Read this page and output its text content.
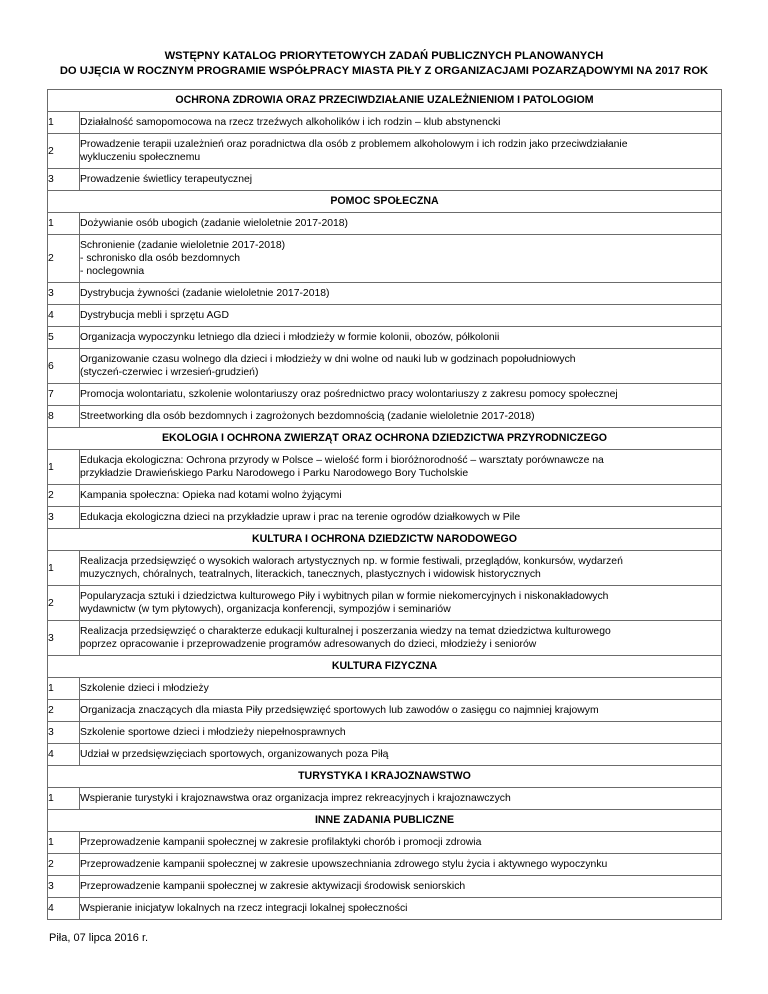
WSTĘPNY KATALOG PRIORYTETOWYCH ZADAŃ PUBLICZNYCH PLANOWANYCH
DO UJĘCIA W ROCZNYM PROGRAMIE WSPÓŁPRACY MIASTA PIŁY Z ORGANIZACJAMI POZARZĄDOWYMI NA 2017 ROK
OCHRONA ZDROWIA ORAZ PRZECIWDZIAŁANIE UZALEŻNIENIOM I PATOLOGIOM	
1	Działalność samopomocowa na rzecz trzeźwych alkoholików i ich rodzin – klub abstynencki

2	Prowadzenie terapii uzależnień oraz poradnictwa dla osób z problemem alkoholowym i ich rodzin jako przeciwdziałanie
wykluczeniu społecznemu

3	Prowadzenie świetlicy terapeutycznej

POMOC SPOŁECZNA	
1	Dożywianie osób ubogich (zadanie wieloletnie 2017-2018)

2	Schronienie (zadanie wieloletnie 2017-2018)
- schronisko dla osób bezdomnych
- noclegownia

3	Dystrybucja żywności (zadanie wieloletnie 2017-2018)

4	Dystrybucja mebli i sprzętu AGD

5	Organizacja wypoczynku letniego dla dzieci i młodzieży w formie kolonii, obozów, półkolonii

6	Organizowanie czasu wolnego dla dzieci i młodzieży w dni wolne od nauki lub w godzinach popołudniowych
(styczeń-czerwiec i wrzesień-grudzień)

7	Promocja wolontariatu, szkolenie wolontariuszy oraz pośrednictwo pracy wolontariuszy z zakresu pomocy społecznej

8	Streetworking dla osób bezdomnych i zagrożonych bezdomnością (zadanie wieloletnie 2017-2018)

EKOLOGIA I OCHRONA ZWIERZĄT ORAZ OCHRONA DZIEDZICTWA PRZYRODNICZEGO	
1	Edukacja ekologiczna: Ochrona przyrody w Polsce – wielość form i bioróżnorodność – warsztaty porównawcze na
przykładzie Drawieńskiego Parku Narodowego i Parku Narodowego Bory Tucholskie

2	Kampania społeczna: Opieka nad kotami wolno żyjącymi

3	Edukacja ekologiczna dzieci na przykładzie upraw i prac na terenie ogrodów działkowych w Pile

KULTURA I OCHRONA DZIEDZICTW NARODOWEGO	
1	Realizacja przedsięwzięć o wysokich walorach artystycznych np. w formie festiwali, przeglądów, konkursów, wydarzeń
muzycznych, chóralnych, teatralnych, literackich, tanecznych, plastycznych i widowisk historycznych

2	Popularyzacja sztuki i dziedzictwa kulturowego Piły i wybitnych pilan w formie niekomercyjnych i niskonakładowych
wydawnictw (w tym płytowych), organizacja konferencji, sympozjów i seminariów

3	Realizacja przedsięwzięć o charakterze edukacji kulturalnej i poszerzania wiedzy na temat dziedzictwa kulturowego
poprzez opracowanie i przeprowadzenie programów adresowanych do dzieci, młodzieży i seniorów

KULTURA FIZYCZNA	
1	Szkolenie dzieci i młodzieży

2	Organizacja znaczących dla miasta Piły przedsięwzięć sportowych lub zawodów o zasięgu co najmniej krajowym

3	Szkolenie sportowe dzieci i młodzieży niepełnosprawnych

4	Udział w przedsięwzięciach sportowych, organizowanych poza Piłą

TURYSTYKA I KRAJOZNAWSTWO	
1	Wspieranie turystyki i krajoznawstwa oraz organizacja imprez rekreacyjnych i krajoznawczych

INNE ZADANIA PUBLICZNE	
1	Przeprowadzenie kampanii społecznej w zakresie profilaktyki chorób i promocji zdrowia

2	Przeprowadzenie kampanii społecznej w zakresie upowszechniania zdrowego stylu życia i aktywnego wypoczynku

3	Przeprowadzenie kampanii społecznej w zakresie aktywizacji środowisk seniorskich

4	Wspieranie inicjatyw lokalnych na rzecz integracji lokalnej społeczności
Piła, 07 lipca 2016 r.
